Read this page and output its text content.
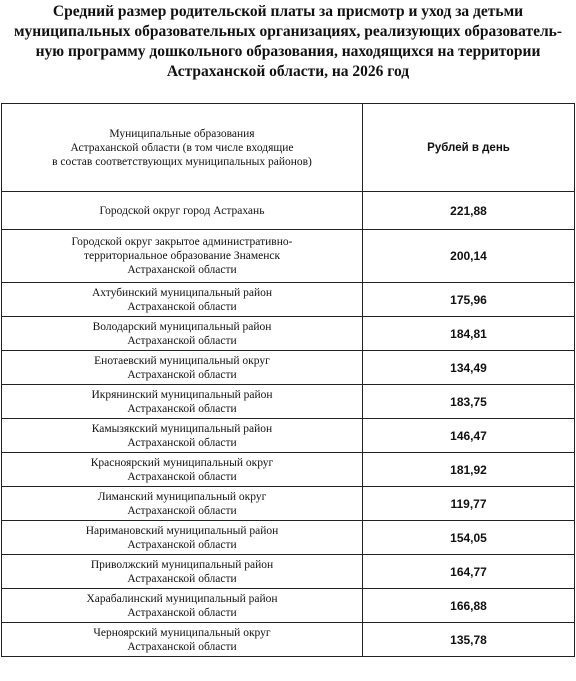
Средний размер родительской платы за присмотр и уход за детьми
муниципальных образовательных организациях, реализующих образователь-
ную программу дошкольного образования, находящихся на территории
Астраханской области, на 2026 год
Муниципальные образования
Астраханской области (в том числе входящие
в состав соответствующих муниципальных районов)	Рублей в день

Городской округ город Астрахань	221,88

Городской округ закрытое административно-
территориальное образование Знаменск
Астраханской области	200,14

Ахтубинский муниципальный район
Астраханской области	175,96

Володарский муниципальный район
Астраханской области	184,81

Енотаевский муниципальный округ
Астраханской области	134,49

Икрянинский муниципальный район
Астраханской области	183,75

Камызякский муниципальный район
Астраханской области	146,47

Красноярский муниципальный округ
Астраханской области	181,92

Лиманский муниципальный округ
Астраханской области	119,77

Наримановский муниципальный район
Астраханской области	154,05

Приволжский муниципальный район
Астраханской области	164,77

Харабалинский муниципальный район
Астраханской области	166,88

Черноярский муниципальный округ
Астраханской области	135,78
